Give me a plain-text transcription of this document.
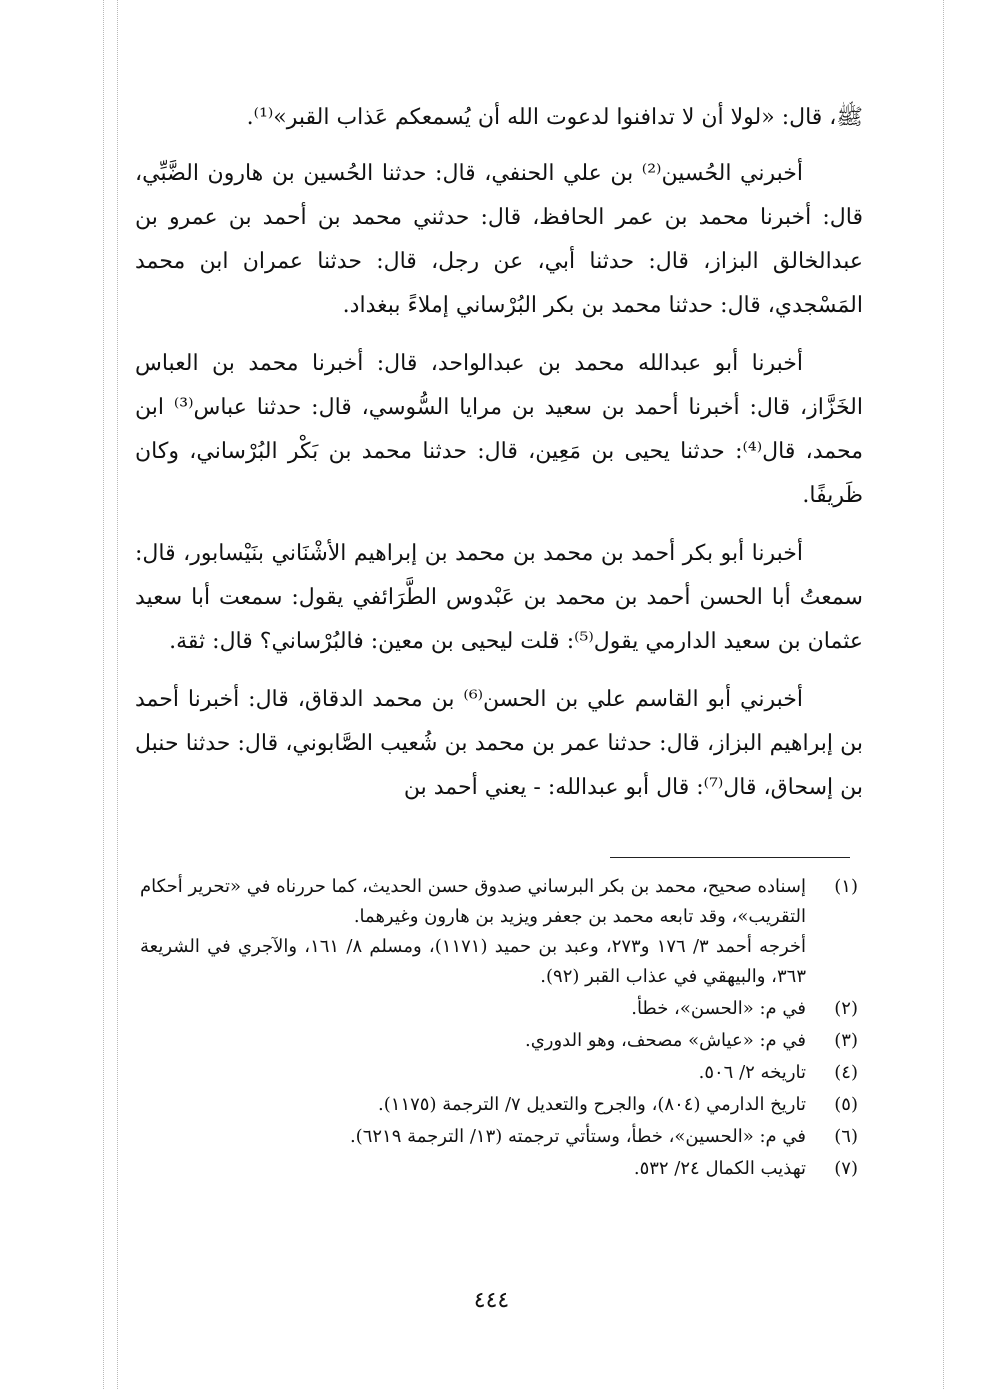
ﷺ، قال: «لولا أن لا تدافنوا لدعوت الله أن يُسمعكم عَذاب القبر»⁽¹⁾.

أخبرني الحُسين⁽²⁾ بن علي الحنفي، قال: حدثنا الحُسين بن هارون الضَّبِّي، قال: أخبرنا محمد بن عمر الحافظ، قال: حدثني محمد بن أحمد بن عمرو بن عبدالخالق البزاز، قال: حدثنا أبي، عن رجل، قال: حدثنا عمران ابن محمد المَسْجدي، قال: حدثنا محمد بن بكر البُرْساني إملاءً ببغداد.

أخبرنا أبو عبدالله محمد بن عبدالواحد، قال: أخبرنا محمد بن العباس الخَزَّاز، قال: أخبرنا أحمد بن سعيد بن مرايا السُّوسي، قال: حدثنا عباس⁽³⁾ ابن محمد، قال⁽⁴⁾: حدثنا يحيى بن مَعِين، قال: حدثنا محمد بن بَكْر البُرْساني، وكان ظَريفًا.

أخبرنا أبو بكر أحمد بن محمد بن محمد بن إبراهيم الأشْنَاني بنَيْسابور، قال: سمعتُ أبا الحسن أحمد بن محمد بن عَبْدوس الطَّرَائفي يقول: سمعت أبا سعيد عثمان بن سعيد الدارمي يقول⁽⁵⁾: قلت ليحيى بن معين: فالبُرْساني؟ قال: ثقة.

أخبرني أبو القاسم علي بن الحسن⁽⁶⁾ بن محمد الدقاق، قال: أخبرنا أحمد بن إبراهيم البزاز، قال: حدثنا عمر بن محمد بن شُعيب الصَّابوني، قال: حدثنا حنبل بن إسحاق، قال⁽⁷⁾: قال أبو عبدالله: - يعني أحمد بن

(١)
إسناده صحيح، محمد بن بكر البرساني صدوق حسن الحديث، كما حررناه في «تحرير أحكام التقريب»، وقد تابعه محمد بن جعفر ويزيد بن هارون وغيرهما.
أخرجه أحمد ٣/ ١٧٦ و٢٧٣، وعبد بن حميد (١١٧١)، ومسلم ٨/ ١٦١، والآجري في الشريعة ٣٦٣، والبيهقي في عذاب القبر (٩٢).
(٢)
في م: «الحسن»، خطأ.
(٣)
في م: «عياش» مصحف، وهو الدوري.
(٤)
تاريخه ٢/ ٥٠٦.
(٥)
تاريخ الدارمي (٨٠٤)، والجرح والتعديل ٧/ الترجمة (١١٧٥).
(٦)
في م: «الحسين»، خطأ، وستأتي ترجمته (١٣/ الترجمة ٦٢١٩).
(٧)
تهذيب الكمال ٢٤/ ٥٣٢.
٤٤٤
